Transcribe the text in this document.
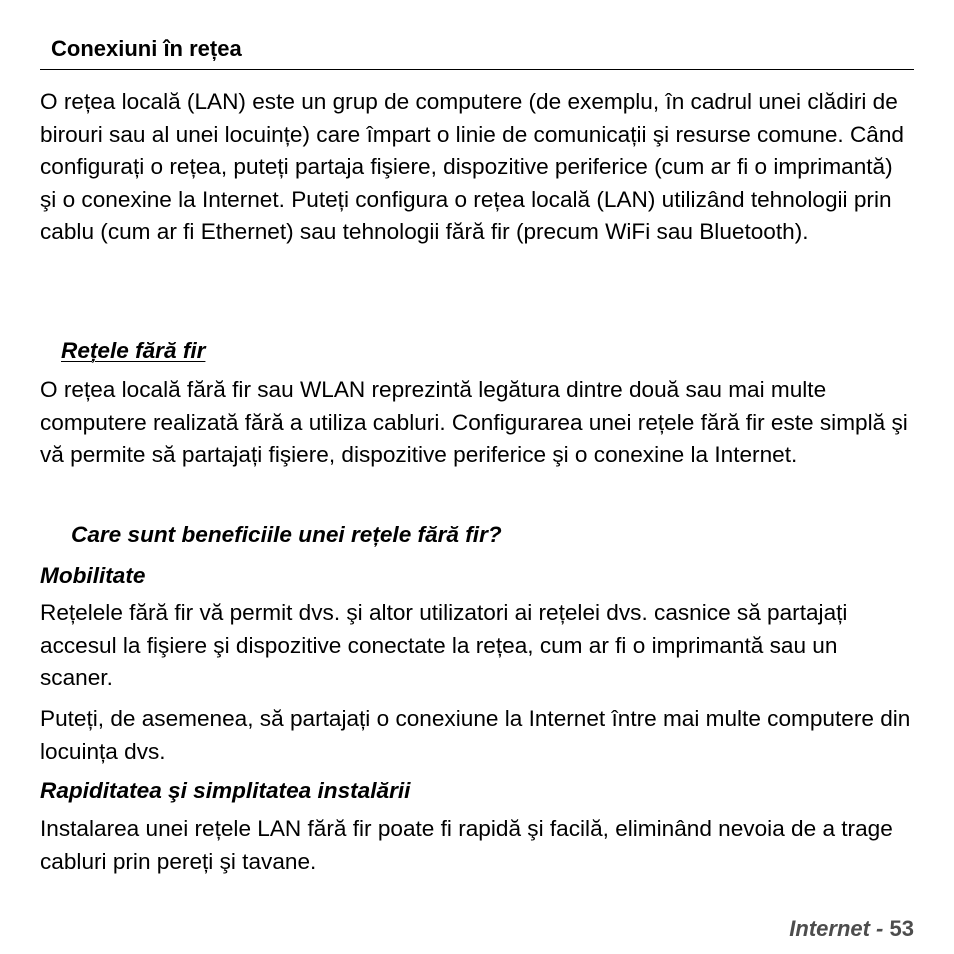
Conexiuni în rețea

O rețea locală (LAN) este un grup de computere (de exemplu, în cadrul unei clădiri de birouri sau al unei locuințe) care împart o linie de comunicații şi resurse comune. Când configurați o rețea, puteți partaja fişiere, dispozitive periferice (cum ar fi o imprimantă) şi o conexine la Internet. Puteți configura o rețea locală (LAN) utilizând tehnologii prin cablu (cum ar fi Ethernet) sau tehnologii fără fir (precum WiFi sau Bluetooth).

Rețele fără fir

O rețea locală fără fir sau WLAN reprezintă legătura dintre două sau mai multe computere realizată fără a utiliza cabluri. Configurarea unei rețele fără fir este simplă şi vă permite să partajați fişiere, dispozitive periferice şi o conexine la Internet.

Care sunt beneficiile unei rețele fără fir?
Mobilitate

Rețelele fără fir vă permit dvs. şi altor utilizatori ai rețelei dvs. casnice să partajați accesul la fişiere şi dispozitive conectate la rețea, cum ar fi o imprimantă sau un scaner.

Puteți, de asemenea, să partajați o conexiune la Internet între mai multe computere din locuința dvs.

Rapiditatea şi simplitatea instalării

Instalarea unei rețele LAN fără fir poate fi rapidă şi facilă, eliminând nevoia de a trage cabluri prin pereți şi tavane.

Internet - 53
